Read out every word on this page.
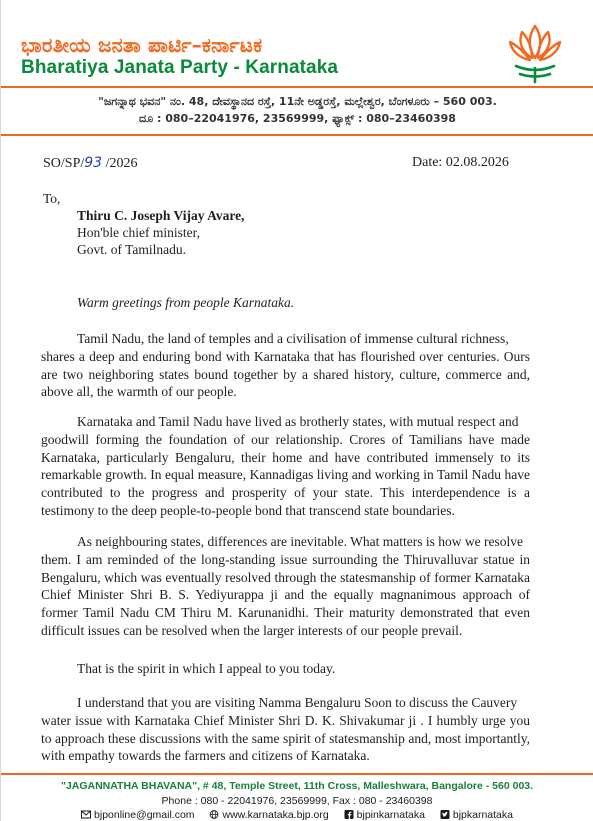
ಭಾರತೀಯ ಜನತಾ ಪಾರ್ಟಿ–ಕರ್ನಾಟಕ
Bharatiya Janata Party - Karnataka
"ಜಗನ್ನಾಥ ಭವನ" ನಂ. 48, ದೇವಸ್ಥಾನದ ರಸ್ತೆ, 11ನೇ ಅಡ್ಡರಸ್ತೆ, ಮಲ್ಲೇಶ್ವರ, ಬೆಂಗಳೂರು – 560 003.
ದೂ : 080–22041976, 23569999, ಫ್ಯಾಕ್ಸ್ : 080–23460398
SO/SP/93 /2026	Date: 02.08.2026
To,
Thiru C. Joseph Vijay Avare,
Hon'ble chief minister,
Govt. of Tamilnadu.
Warm greetings from people Karnataka.
Tamil Nadu, the land of temples and a civilisation of immense cultural richness,
shares a deep and enduring bond with Karnataka that has flourished over centuries. Ours are two neighboring states bound together by a shared history, culture, commerce and, above all, the warmth of our people.
Karnataka and Tamil Nadu have lived as brotherly states, with mutual respect and
goodwill forming the foundation of our relationship. Crores of Tamilians have made Karnataka, particularly Bengaluru, their home and have contributed immensely to its remarkable growth. In equal measure, Kannadigas living and working in Tamil Nadu have contributed to the progress and prosperity of your state. This interdependence is a testimony to the deep people-to-people bond that transcend state boundaries.
As neighbouring states, differences are inevitable. What matters is how we resolve
them. I am reminded of the long-standing issue surrounding the Thiruvalluvar statue in Bengaluru, which was eventually resolved through the statesmanship of former Karnataka Chief Minister Shri B. S. Yediyurappa ji and the equally magnanimous approach of former Tamil Nadu CM Thiru M. Karunanidhi. Their maturity demonstrated that even difficult issues can be resolved when the larger interests of our people prevail.
That is the spirit in which I appeal to you today.
I understand that you are visiting Namma Bengaluru Soon to discuss the Cauvery
water issue with Karnataka Chief Minister Shri D. K. Shivakumar ji . I humbly urge you to approach these discussions with the same spirit of statesmanship and, most importantly, with empathy towards the farmers and citizens of Karnataka.
"JAGANNATHA BHAVANA", # 48, Temple Street, 11th Cross, Malleshwara, Bangalore - 560 003.
Phone : 080 - 22041976, 23569999, Fax : 080 - 23460398
bjponline@gmail.com	www.karnataka.bjp.org	bjpinkarnataka	bjpkarnataka
